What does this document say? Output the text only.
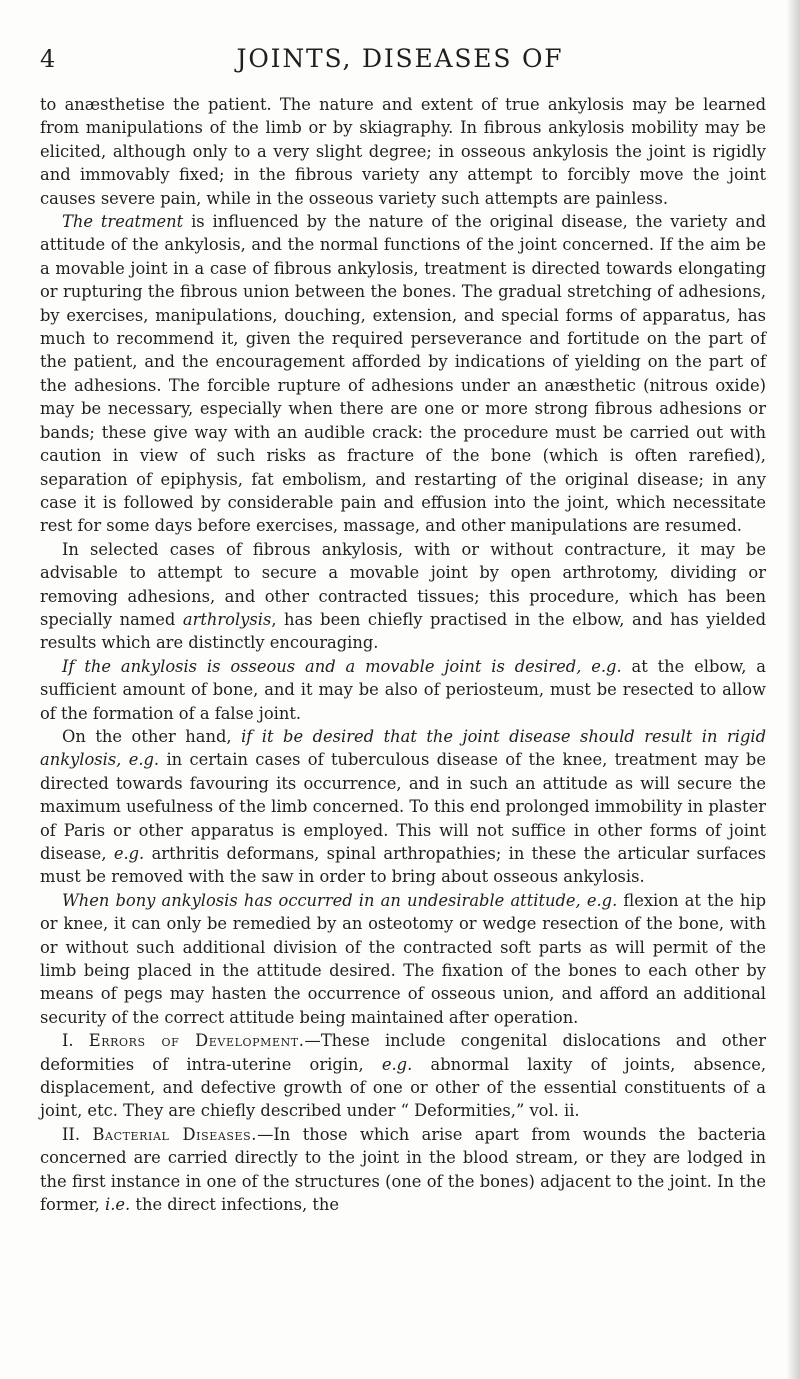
4	JOINTS, DISEASES OF

to anæsthetise the patient. The nature and extent of true ankylosis may be learned from manipulations of the limb or by skiagraphy. In fibrous ankylosis mobility may be elicited, although only to a very slight degree; in osseous ankylosis the joint is rigidly and immovably fixed; in the fibrous variety any attempt to forcibly move the joint causes severe pain, while in the osseous variety such attempts are painless.

The treatment is influenced by the nature of the original disease, the variety and attitude of the ankylosis, and the normal functions of the joint concerned. If the aim be a movable joint in a case of fibrous ankylosis, treatment is directed towards elongating or rupturing the fibrous union between the bones. The gradual stretching of adhesions, by exercises, manipulations, douching, extension, and special forms of apparatus, has much to recommend it, given the required perseverance and fortitude on the part of the patient, and the encouragement afforded by indications of yielding on the part of the adhesions. The forcible rupture of adhesions under an anæsthetic (nitrous oxide) may be necessary, especially when there are one or more strong fibrous adhesions or bands; these give way with an audible crack: the procedure must be carried out with caution in view of such risks as fracture of the bone (which is often rarefied), separation of epiphysis, fat embolism, and restarting of the original disease; in any case it is followed by considerable pain and effusion into the joint, which necessitate rest for some days before exercises, massage, and other manipulations are resumed.

In selected cases of fibrous ankylosis, with or without contracture, it may be advisable to attempt to secure a movable joint by open arthrotomy, dividing or removing adhesions, and other contracted tissues; this procedure, which has been specially named arthrolysis, has been chiefly practised in the elbow, and has yielded results which are distinctly encouraging.

If the ankylosis is osseous and a movable joint is desired, e.g. at the elbow, a sufficient amount of bone, and it may be also of periosteum, must be resected to allow of the formation of a false joint.

On the other hand, if it be desired that the joint disease should result in rigid ankylosis, e.g. in certain cases of tuberculous disease of the knee, treatment may be directed towards favouring its occurrence, and in such an attitude as will secure the maximum usefulness of the limb concerned. To this end prolonged immobility in plaster of Paris or other apparatus is employed. This will not suffice in other forms of joint disease, e.g. arthritis deformans, spinal arthropathies; in these the articular surfaces must be removed with the saw in order to bring about osseous ankylosis.

When bony ankylosis has occurred in an undesirable attitude, e.g. flexion at the hip or knee, it can only be remedied by an osteotomy or wedge resection of the bone, with or without such additional division of the contracted soft parts as will permit of the limb being placed in the attitude desired. The fixation of the bones to each other by means of pegs may hasten the occurrence of osseous union, and afford an additional security of the correct attitude being maintained after operation.

I. Errors of Development.—These include congenital dislocations and other deformities of intra-uterine origin, e.g. abnormal laxity of joints, absence, displacement, and defective growth of one or other of the essential constituents of a joint, etc. They are chiefly described under “ Deformities,” vol. ii.

II. Bacterial Diseases.—In those which arise apart from wounds the bacteria concerned are carried directly to the joint in the blood stream, or they are lodged in the first instance in one of the structures (one of the bones) adjacent to the joint. In the former, i.e. the direct infections, the
